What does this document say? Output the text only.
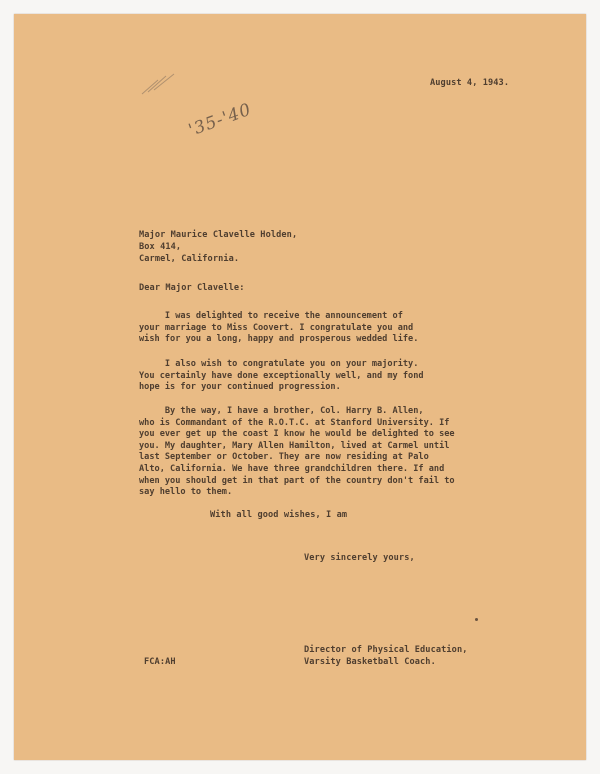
August 4, 1943.
'35-'40
Major Maurice Clavelle Holden,
Box 414,
Carmel, California.
Dear Major Clavelle:
I was delighted to receive the announcement of
your marriage to Miss Coovert. I congratulate you and
wish for you a long, happy and prosperous wedded life.
I also wish to congratulate you on your majority.
You certainly have done exceptionally well, and my fond
hope is for your continued progression.
By the way, I have a brother, Col. Harry B. Allen,
who is Commandant of the R.O.T.C. at Stanford University. If
you ever get up the coast I know he would be delighted to see
you. My daughter, Mary Allen Hamilton, lived at Carmel until
last September or October. They are now residing at Palo
Alto, California. We have three grandchildren there. If and
when you should get in that part of the country don't fail to
say hello to them.
With all good wishes, I am
Very sincerely yours,
Director of Physical Education,
Varsity Basketball Coach.
FCA:AH
